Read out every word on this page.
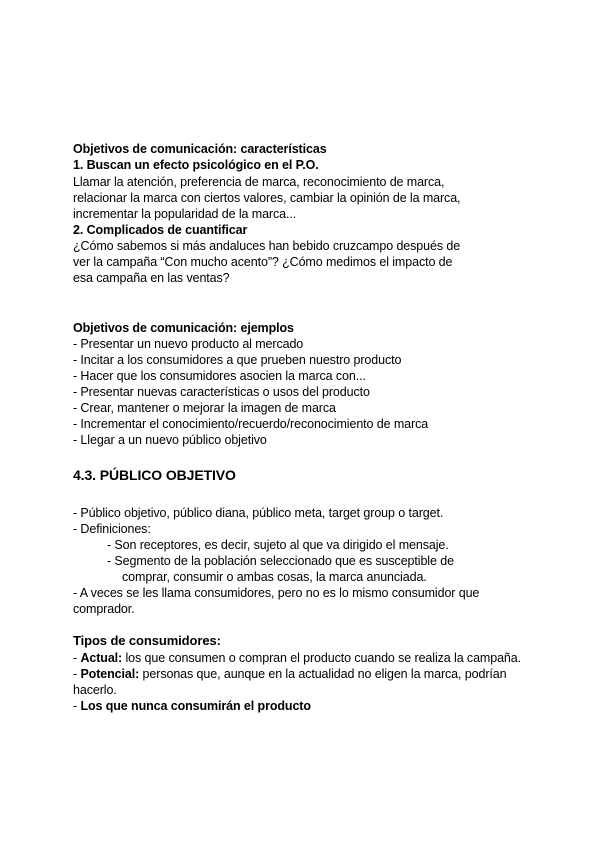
Objetivos de comunicación: características
1. Buscan un efecto psicológico en el P.O.
Llamar la atención, preferencia de marca, reconocimiento de marca,
relacionar la marca con ciertos valores, cambiar la opinión de la marca,
incrementar la popularidad de la marca...
2. Complicados de cuantificar
¿Cómo sabemos si más andaluces han bebido cruzcampo después de
ver la campaña “Con mucho acento”? ¿Cómo medimos el impacto de
esa campaña en las ventas?
Objetivos de comunicación: ejemplos
- Presentar un nuevo producto al mercado
- Incitar a los consumidores a que prueben nuestro producto
- Hacer que los consumidores asocien la marca con...
- Presentar nuevas características o usos del producto
- Crear, mantener o mejorar la imagen de marca
- Incrementar el conocimiento/recuerdo/reconocimiento de marca
- Llegar a un nuevo público objetivo
4.3. PÚBLICO OBJETIVO
- Público objetivo, público diana, público meta, target group o target.
- Definiciones:
- Son receptores, es decir, sujeto al que va dirigido el mensaje.
- Segmento de la población seleccionado que es susceptible de
comprar, consumir o ambas cosas, la marca anunciada.
- A veces se les llama consumidores, pero no es lo mismo consumidor que
comprador.
Tipos de consumidores:
- Actual: los que consumen o compran el producto cuando se realiza la campaña.
- Potencial: personas que, aunque en la actualidad no eligen la marca, podrían
hacerlo.
- Los que nunca consumirán el producto
